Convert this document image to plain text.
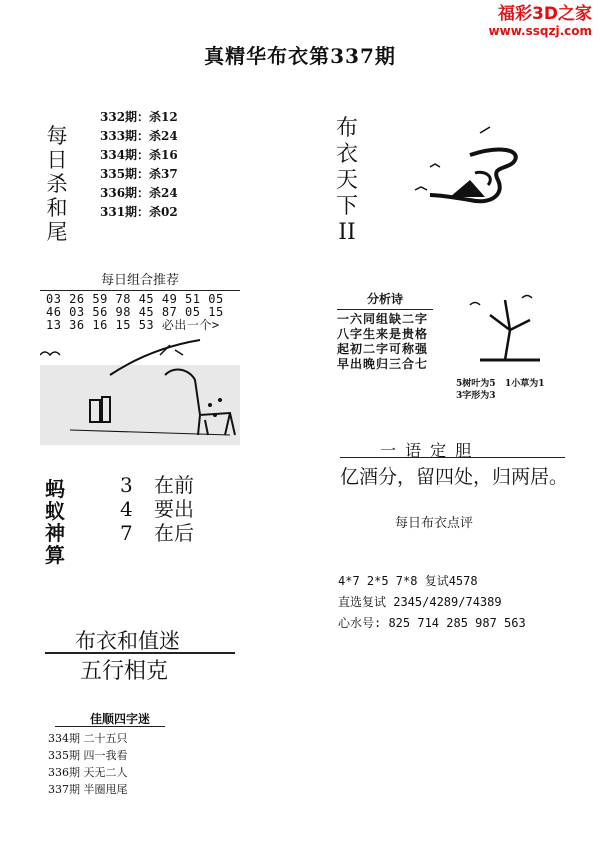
福彩3D之家
www.ssqzj.com
真精华布衣第337期
每日杀和尾
332期：杀12
333期：杀24
334期：杀16
335期：杀37
336期：杀24
331期：杀02
布衣天下
II
每日组合推荐
03 26 59 78 45 49 51 05
46 03 56 98 45 87 05 15
13 36 16 15 53 必出一个>
分析诗
一六同组缺二字
八字生来是贵格
起初二字可称强
早出晚归三合七
5树叶为5 1小草为1
3字形为3
蚂蚁神算
3 在前
4 要出
7 在后
一 语 定 胆
亿酒分，留四处，归两居。
每日布衣点评
4*7 2*5 7*8 复试4578
直选复试 2345/4289/74389
心水号: 825 714 285 987 563
布衣和值迷
五行相克
佳顺四字迷
334期 二十五只
335期 四一我看
336期 天无二人
337期 半圈甩尾
